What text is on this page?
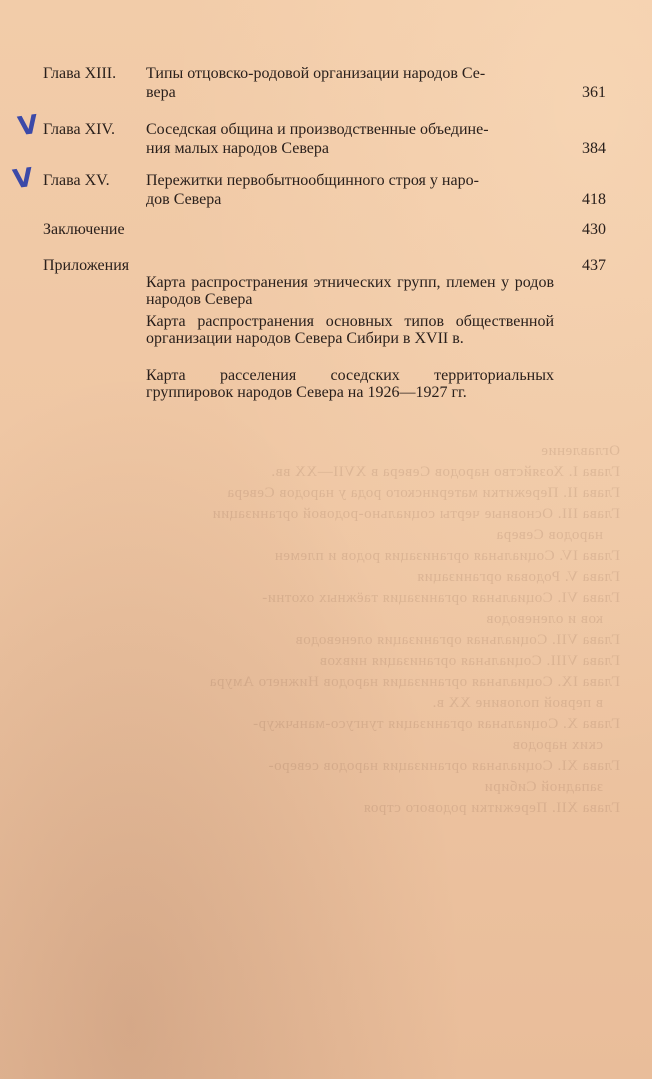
Оглавление
Глава I. Хозяйство народов Севера в XVII—XX вв.
Глава II. Пережитки материнского рода у народов Севера
Глава III. Основные черты социально-родовой организации
народов Севера
Глава IV. Социальная организация родов и племен
Глава V. Родовая организация
Глава VI. Социальная организация таёжных охотни-
ков и оленеводов
Глава VII. Социальная организация оленеводов
Глава VIII. Социальная организация нивхов
Глава IX. Социальная организация народов Нижнего Амура
в первой половине XX в.
Глава X. Социальная организация тунгусо-маньчжур-
ских народов
Глава XI. Социальная организация народов северо-
западной Сибири
Глава XII. Пережитки родового строя

V
V
Глава XIII. Типы отцовско-родовой организации народов Се-
вера	361
Глава XIV. Соседская община и производственные объедине-
ния малых народов Севера	384
Глава XV. Пережитки первобытнообщинного строя у наро-
дов Севера	418
Заключение	430
Приложения	437
Карта распространения этнических групп, племен у родов народов Севера
Карта распространения основных типов общественной организации народов Севера Сибири в XVII в.
Карта расселения соседских территориальных группировок народов Севера на 1926—1927 гг.
